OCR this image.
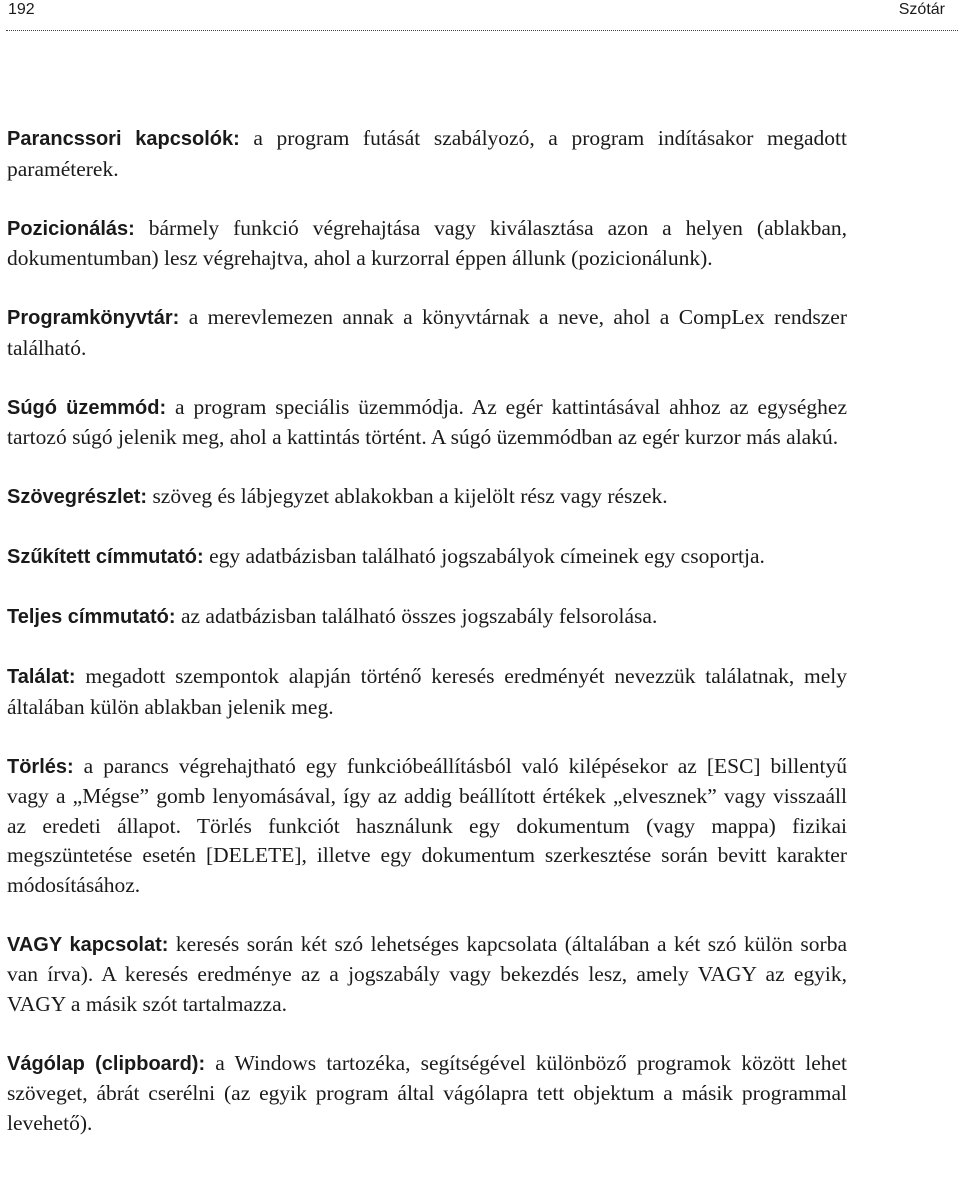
192	Szótár

Parancssori kapcsolók: a program futását szabályozó, a program indításakor megadott paraméterek.

Pozicionálás: bármely funkció végrehajtása vagy kiválasztása azon a helyen (ablakban, dokumentumban) lesz végrehajtva, ahol a kurzorral éppen állunk (pozicionálunk).

Programkönyvtár: a merevlemezen annak a könyvtárnak a neve, ahol a CompLex rendszer található.

Súgó üzemmód: a program speciális üzemmódja. Az egér kattintásával ahhoz az egységhez tartozó súgó jelenik meg, ahol a kattintás történt. A súgó üzemmódban az egér kurzor más alakú.

Szövegrészlet: szöveg és lábjegyzet ablakokban a kijelölt rész vagy részek.

Szűkített címmutató: egy adatbázisban található jogszabályok címeinek egy csoportja.

Teljes címmutató: az adatbázisban található összes jogszabály felsorolása.

Találat: megadott szempontok alapján történő keresés eredményét nevezzük találatnak, mely általában külön ablakban jelenik meg.

Törlés: a parancs végrehajtható egy funkcióbeállításból való kilépésekor az [ESC] billentyű vagy a „Mégse” gomb lenyomásával, így az addig beállított értékek „elvesznek” vagy visszaáll az eredeti állapot. Törlés funkciót használunk egy dokumentum (vagy mappa) fizikai megszüntetése esetén [DELETE], illetve egy dokumentum szerkesztése során bevitt karakter módosításához.

VAGY kapcsolat: keresés során két szó lehetséges kapcsolata (általában a két szó külön sorba van írva). A keresés eredménye az a jogszabály vagy bekezdés lesz, amely VAGY az egyik, VAGY a másik szót tartalmazza.

Vágólap (clipboard): a Windows tartozéka, segítségével különböző programok között lehet szöveget, ábrát cserélni (az egyik program által vágólapra tett objektum a másik programmal levehető).
